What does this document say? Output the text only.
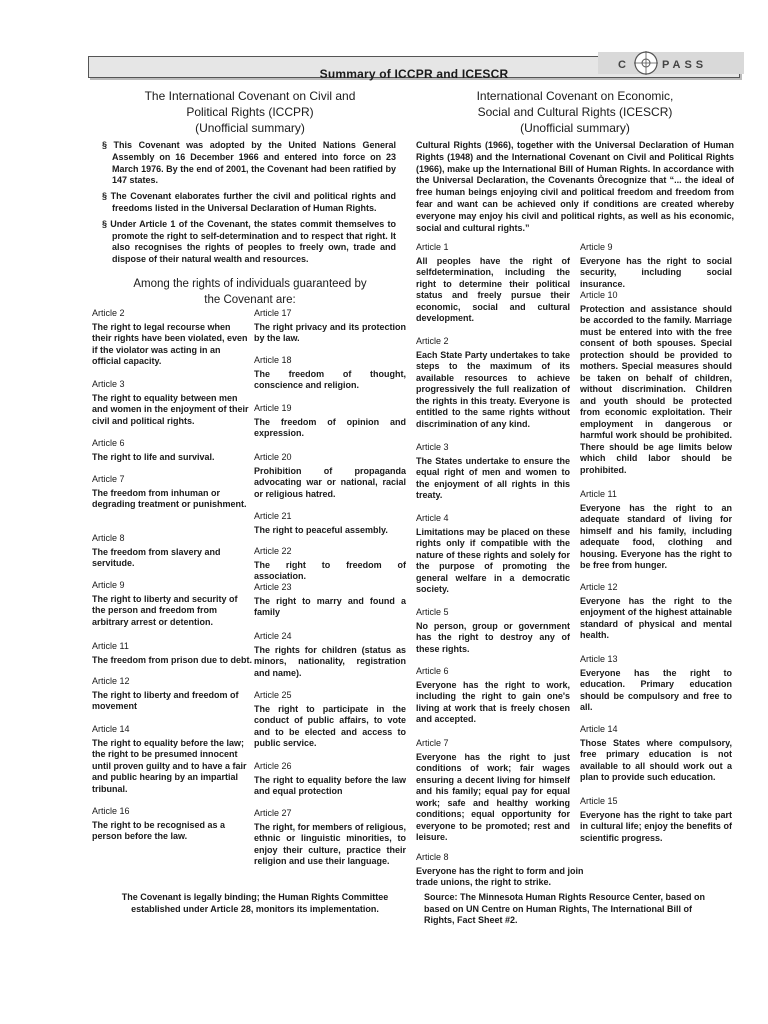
Summary of ICCPR and ICESCR
C	PASS
The International Covenant on Civil and
Political Rights (ICCPR)
(Unofficial summary)
International Covenant on Economic,
Social and Cultural Rights (ICESCR)
(Unofficial summary)

§ This Covenant was adopted by the United Nations General Assembly on 16 December 1966 and entered into force on 23 March 1976. By the end of 2001, the Covenant had been ratified by 147 states.

§ The Covenant elaborates further the civil and political rights and freedoms listed in the Universal Declaration of Human Rights.

§ Under Article 1 of the Covenant, the states commit themselves to promote the right to self-determination and to respect that right. It also recognises the rights of peoples to freely own, trade and dispose of their natural wealth and resources.

Among the rights of individuals guaranteed by
the Covenant are:
Cultural Rights (1966), together with the Universal Declaration of Human Rights (1948) and the International Covenant on Civil and Political Rights (1966), make up the International Bill of Human Rights. In accordance with the Universal Declaration, the Covenants Òrecognize that “... the ideal of free human beings enjoying civil and political freedom and freedom from fear and want can be achieved only if conditions are created whereby everyone may enjoy his civil and political rights, as well as his economic, social and cultural rights.”
Article 2
The right to legal recourse when their rights have been violated, even if the violator was acting in an official capacity.
Article 3
The right to equality between men and women in the enjoyment of their civil and political rights.
Article 6
The right to life and survival.
Article 7
The freedom from inhuman or degrading treatment or punishment.
Article 8
The freedom from slavery and servitude.
Article 9
The right to liberty and security of the person and freedom from arbitrary arrest or detention.
Article 11
The freedom from prison due to debt.
Article 12
The right to liberty and freedom of movement
Article 14
The right to equality before the law; the right to be presumed innocent until proven guilty and to have a fair and public hearing by an impartial tribunal.
Article 16
The right to be recognised as a person before the law.
Article 17
The right privacy and its protection by the law.
Article 18
The freedom of thought, conscience and religion.
Article 19
The freedom of opinion and expression.
Article 20
Prohibition of propaganda advocating war or national, racial or religious hatred.
Article 21
The right to peaceful assembly.
Article 22
The right to freedom of association.
Article 23
The right to marry and found a family
Article 24
The rights for children (status as minors, nationality, registration and name).
Article 25
The right to participate in the conduct of public affairs, to vote and to be elected and access to public service.
Article 26
The right to equality before the law and equal protection
Article 27
The right, for members of religious, ethnic or linguistic minorities, to enjoy their culture, practice their religion and use their language.
Article 1
All peoples have the right of selfdetermination, including the right to determine their political status and freely pursue their economic, social and cultural development.
Article 2
Each State Party undertakes to take steps to the maximum of its available resources to achieve progressively the full realization of the rights in this treaty. Everyone is entitled to the same rights without discrimination of any kind.
Article 3
The States undertake to ensure the equal right of men and women to the enjoyment of all rights in this treaty.
Article 4
Limitations may be placed on these rights only if compatible with the nature of these rights and solely for the purpose of promoting the general welfare in a democratic society.
Article 5
No person, group or government has the right to destroy any of these rights.
Article 6
Everyone has the right to work, including the right to gain one's living at work that is freely chosen and accepted.
Article 7
Everyone has the right to just conditions of work; fair wages ensuring a decent living for himself and his family; equal pay for equal work; safe and healthy working conditions; equal opportunity for everyone to be promoted; rest and leisure.
Article 8
Everyone has the right to form and join trade unions, the right to strike.
Article 9
Everyone has the right to social security, including social insurance.
Article 10
Protection and assistance should be accorded to the family. Marriage must be entered into with the free consent of both spouses. Special protection should be provided to mothers. Special measures should be taken on behalf of children, without discrimination. Children and youth should be protected from economic exploitation. Their employment in dangerous or harmful work should be prohibited. There should be age limits below which child labor should be prohibited.
Article 11
Everyone has the right to an adequate standard of living for himself and his family, including adequate food, clothing and housing. Everyone has the right to be free from hunger.
Article 12
Everyone has the right to the enjoyment of the highest attainable standard of physical and mental health.
Article 13
Everyone has the right to education. Primary education should be compulsory and free to all.
Article 14
Those States where compulsory, free primary education is not available to all should work out a plan to provide such education.
Article 15
Everyone has the right to take part in cultural life; enjoy the benefits of scientific progress.
The Covenant is legally binding; the Human Rights Committee established under Article 28, monitors its implementation.
Source: The Minnesota Human Rights Resource Center, based on based on UN Centre on Human Rights, The International Bill of Rights, Fact Sheet #2.
